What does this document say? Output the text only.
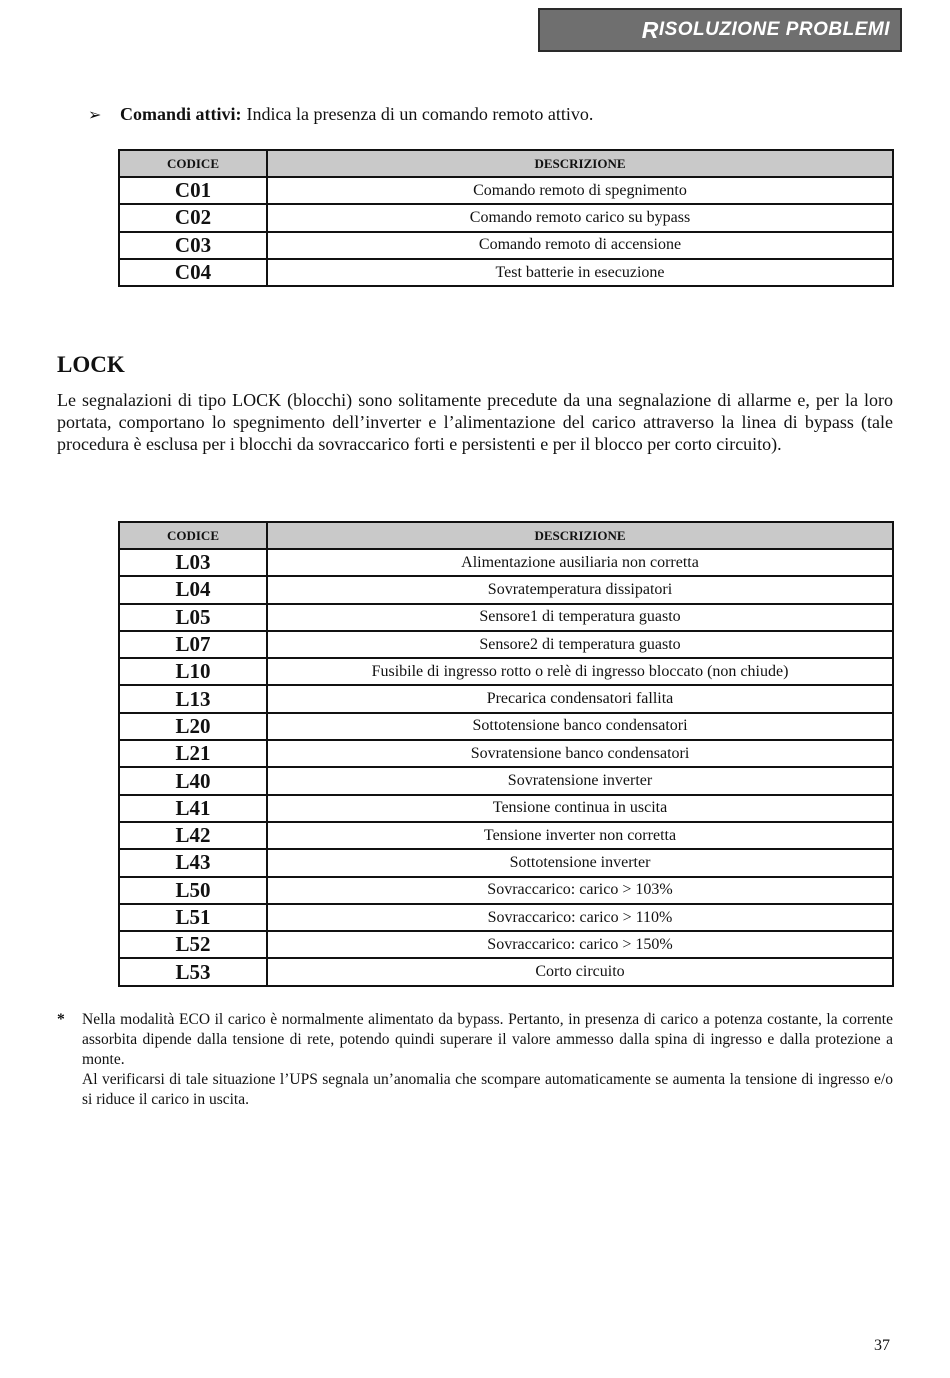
R ISOLUZIONE PROBLEMI
➢	Comandi attivi: Indica la presenza di un comando remoto attivo.
CODICE	DESCRIZIONE
C01	Comando remoto di spegnimento
C02	Comando remoto carico su bypass
C03	Comando remoto di accensione
C04	Test batterie in esecuzione
LOCK
Le segnalazioni di tipo LOCK (blocchi) sono solitamente precedute da una segnalazione di allarme e, per la loro portata, comportano lo spegnimento dell’inverter e l’alimentazione del carico attraverso la linea di bypass (tale procedura è esclusa per i blocchi da sovraccarico forti e persistenti e per il blocco per corto circuito).
CODICE	DESCRIZIONE
L03	Alimentazione ausiliaria non corretta
L04	Sovratemperatura dissipatori
L05	Sensore1 di temperatura guasto
L07	Sensore2 di temperatura guasto
L10	Fusibile di ingresso rotto o relè di ingresso bloccato (non chiude)
L13	Precarica condensatori fallita
L20	Sottotensione banco condensatori
L21	Sovratensione banco condensatori
L40	Sovratensione inverter
L41	Tensione continua in uscita
L42	Tensione inverter non corretta
L43	Sottotensione inverter
L50	Sovraccarico: carico > 103%
L51	Sovraccarico: carico > 110%
L52	Sovraccarico: carico > 150%
L53	Corto circuito
* Nella modalità ECO il carico è normalmente alimentato da bypass. Pertanto, in presenza di carico a potenza costante, la corrente assorbita dipende dalla tensione di rete, potendo quindi superare il valore ammesso dalla spina di ingresso e dalla protezione a monte.

Al verificarsi di tale situazione l’UPS segnala un’anomalia che scompare automaticamente se aumenta la tensione di ingresso e/o si riduce il carico in uscita.

37
